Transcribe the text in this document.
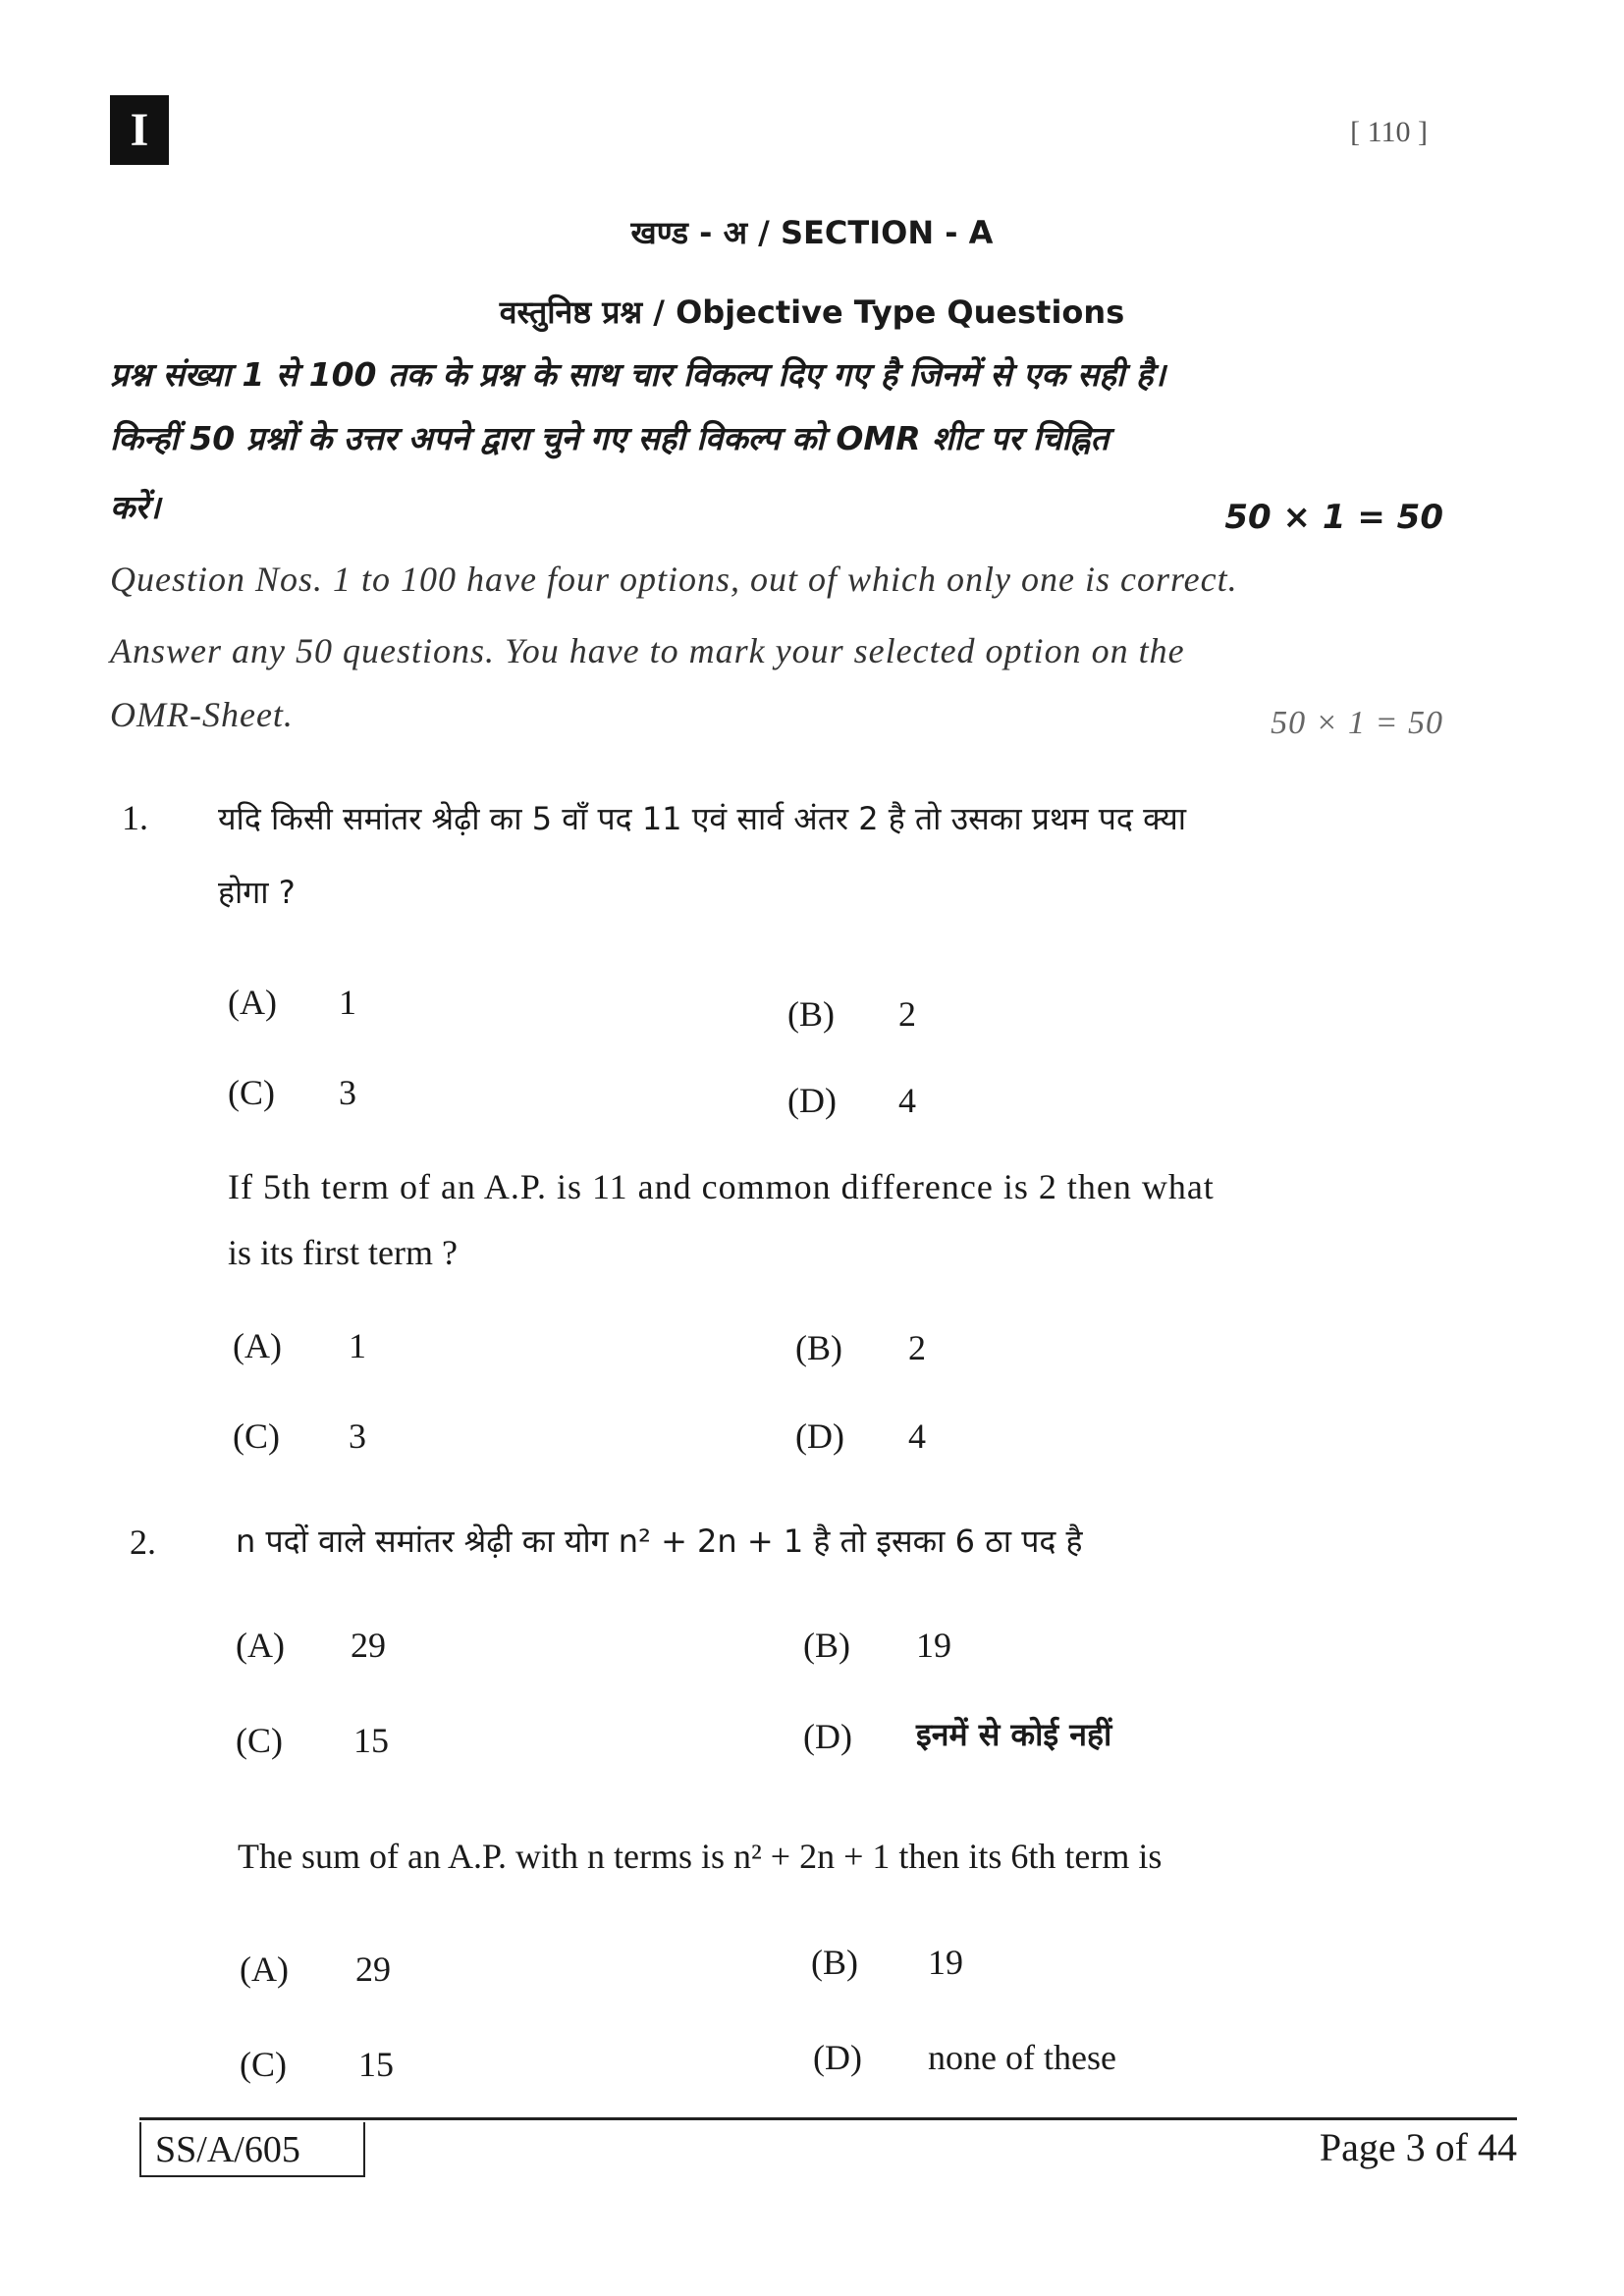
I	[ 110 ]
खण्ड - अ / SECTION - A
वस्तुनिष्ठ प्रश्न / Objective Type Questions
प्रश्न संख्या 1 से 100 तक के प्रश्न के साथ चार विकल्प दिए गए है जिनमें से एक सही है।
किन्हीं 50 प्रश्नों के उत्तर अपने द्वारा चुने गए सही विकल्प को OMR शीट पर चिह्नित
करें।	50 × 1 = 50
Question Nos. 1 to 100 have four options, out of which only one is correct.
Answer any 50 questions. You have to mark your selected option on the
OMR-Sheet.	50 × 1 = 50
1. यदि किसी समांतर श्रेढ़ी का 5 वाँ पद 11 एवं सार्व अंतर 2 है तो उसका प्रथम पद क्या
होगा ?
(A) 1	(B) 2
(C) 3	(D) 4
If 5th term of an A.P. is 11 and common difference is 2 then what
is its first term ?
(A) 1	(B) 2
(C) 3	(D) 4
2.	n पदों वाले समांतर श्रेढ़ी का योग n² + 2n + 1 है तो इसका 6 ठा पद है
(A) 29	(B) 19
(C) 15	(D) इनमें से कोई नहीं
The sum of an A.P. with n terms is n² + 2n + 1 then its 6th term is
(A) 29	(B) 19
(C) 15	(D) none of these
SS/A/605	Page 3 of 44
